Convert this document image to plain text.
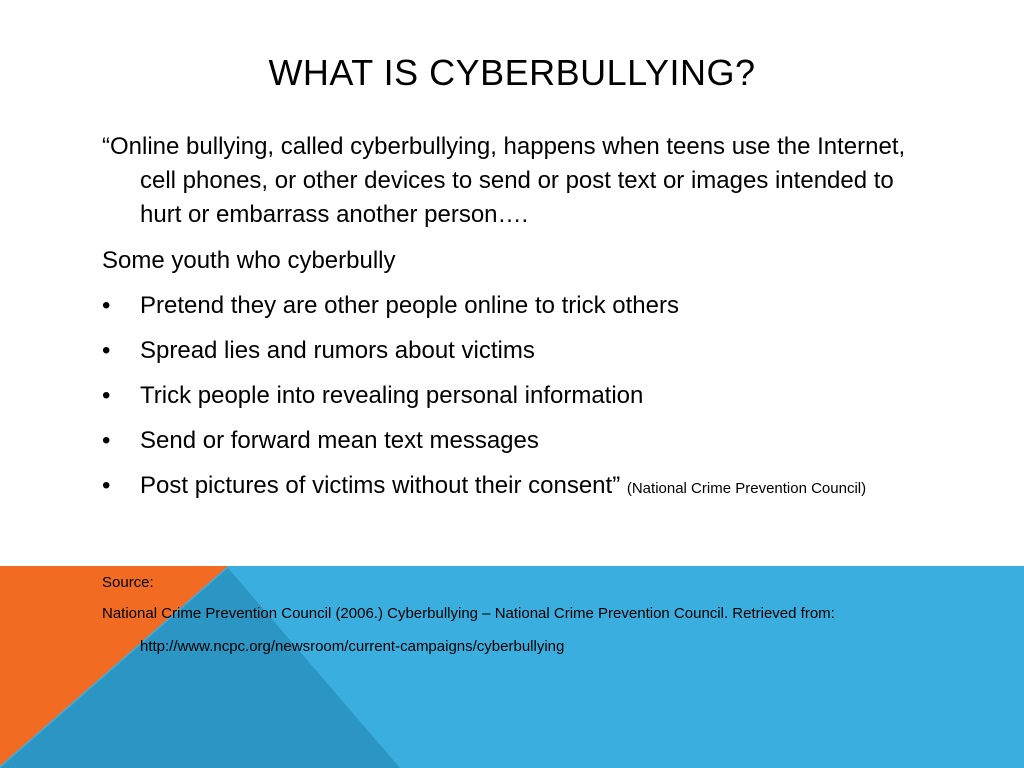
WHAT IS CYBERBULLYING?

“Online bullying, called cyberbullying, happens when teens use the Internet, cell phones, or other devices to send or post text or images intended to hurt or embarrass another person….

Some youth who cyberbully

• Pretend they are other people online to trick others
• Spread lies and rumors about victims
• Trick people into revealing personal information
• Send or forward mean text messages
• Post pictures of victims without their consent” (National Crime Prevention Council)

Source:

National Crime Prevention Council (2006.) Cyberbullying – National Crime Prevention Council. Retrieved from:

http://www.ncpc.org/newsroom/current-campaigns/cyberbullying
